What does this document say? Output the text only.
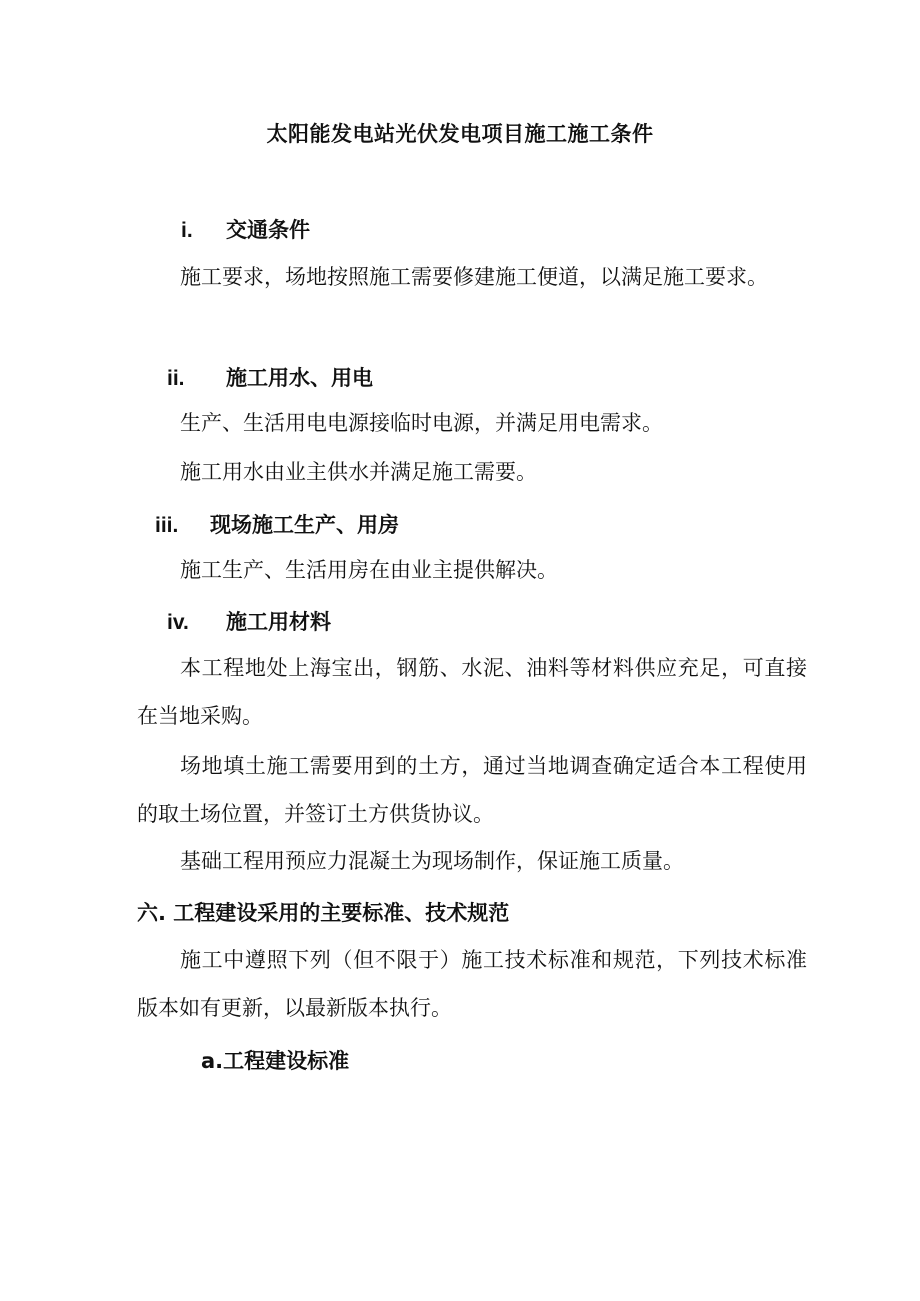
太阳能发电站光伏发电项目施工施工条件
i. 交通条件
施工要求，场地按照施工需要修建施工便道，以满足施工要求。
ii. 施工用水、用电
生产、生活用电电源接临时电源，并满足用电需求。
施工用水由业主供水并满足施工需要。
iii. 现场施工生产、用房
施工生产、生活用房在由业主提供解决。
iv. 施工用材料
本工程地处上海宝出，钢筋、水泥、油料等材料供应充足，可直接在当地采购。
场地填土施工需要用到的土方，通过当地调查确定适合本工程使用的取土场位置，并签订土方供货协议。
基础工程用预应力混凝土为现场制作，保证施工质量。
六. 工程建设采用的主要标准、技术规范
施工中遵照下列（但不限于）施工技术标准和规范，下列技术标准版本如有更新，以最新版本执行。
a.工程建设标准
